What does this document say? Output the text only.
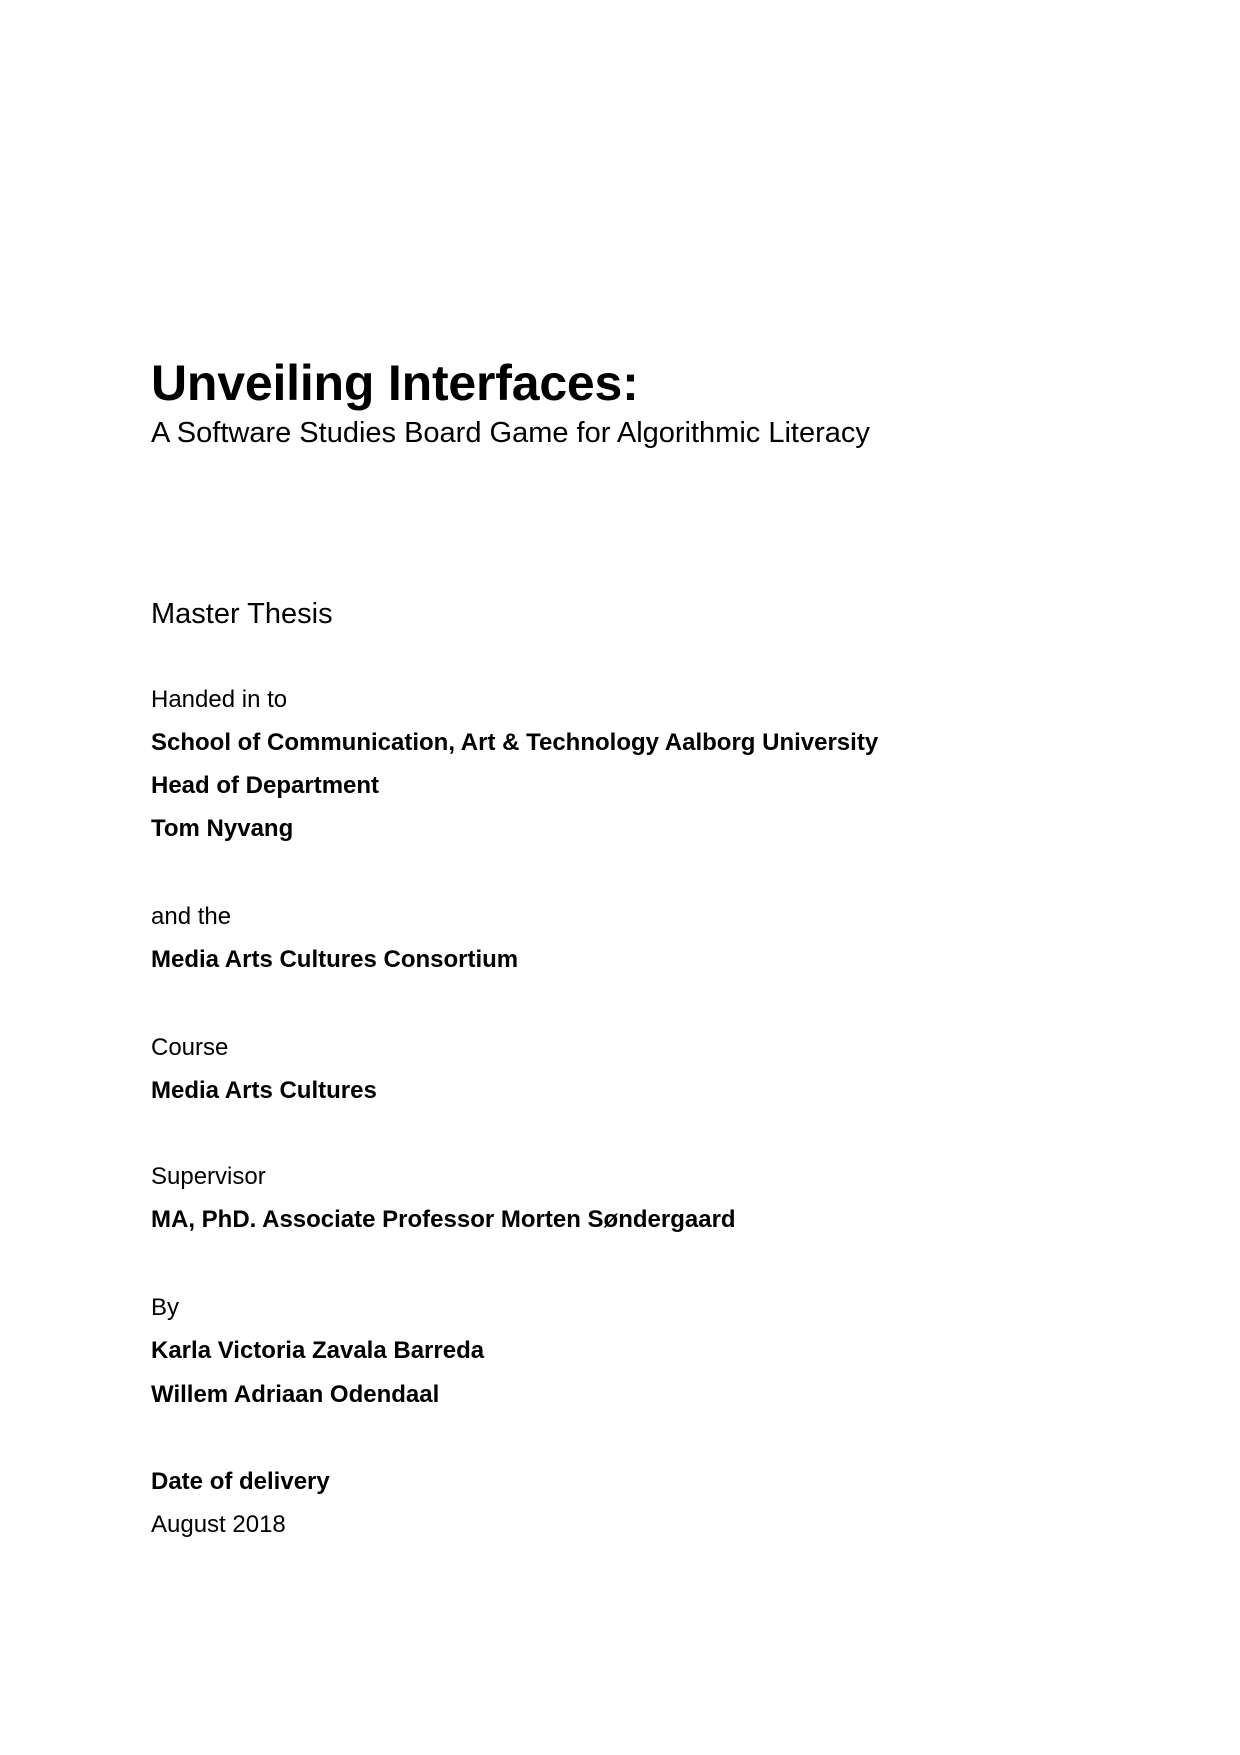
Unveiling Interfaces:
A Software Studies Board Game for Algorithmic Literacy
Master Thesis
Handed in to
School of Communication, Art & Technology Aalborg University
Head of Department
Tom Nyvang
and the
Media Arts Cultures Consortium
Course
Media Arts Cultures
Supervisor
MA, PhD. Associate Professor Morten Søndergaard
By
Karla Victoria Zavala Barreda
Willem Adriaan Odendaal
Date of delivery
August 2018
